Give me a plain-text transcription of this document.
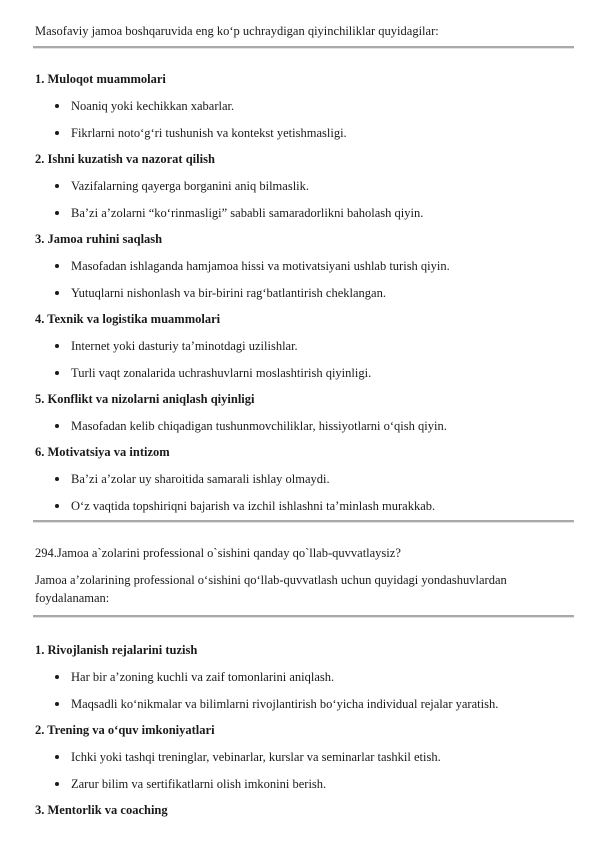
Masofaviy jamoa boshqaruvida eng ko‘p uchraydigan qiyinchiliklar quyidagilar:
1. Muloqot muammolari
Noaniq yoki kechikkan xabarlar.
Fikrlarni noto‘g‘ri tushunish va kontekst yetishmasligi.
2. Ishni kuzatish va nazorat qilish
Vazifalarning qayerga borganini aniq bilmaslik.
Ba’zi a’zolarni “ko‘rinmasligi” sababli samaradorlikni baholash qiyin.
3. Jamoa ruhini saqlash
Masofadan ishlaganda hamjamoa hissi va motivatsiyani ushlab turish qiyin.
Yutuqlarni nishonlash va bir-birini rag‘batlantirish cheklangan.
4. Texnik va logistika muammolari
Internet yoki dasturiy ta’minotdagi uzilishlar.
Turli vaqt zonalarida uchrashuvlarni moslashtirish qiyinligi.
5. Konflikt va nizolarni aniqlash qiyinligi
Masofadan kelib chiqadigan tushunmovchiliklar, hissiyotlarni o‘qish qiyin.
6. Motivatsiya va intizom
Ba’zi a’zolar uy sharoitida samarali ishlay olmaydi.
O‘z vaqtida topshiriqni bajarish va izchil ishlashni ta’minlash murakkab.
294.Jamoa a`zolarini professional o`sishini qanday qo`llab-quvvatlaysiz?
Jamoa a’zolarining professional o‘sishini qo‘llab-quvvatlash uchun quyidagi yondashuvlardan foydalanaman:
1. Rivojlanish rejalarini tuzish
Har bir a’zoning kuchli va zaif tomonlarini aniqlash.
Maqsadli ko‘nikmalar va bilimlarni rivojlantirish bo‘yicha individual rejalar yaratish.
2. Trening va o‘quv imkoniyatlari
Ichki yoki tashqi treninglar, vebinarlar, kurslar va seminarlar tashkil etish.
Zarur bilim va sertifikatlarni olish imkonini berish.
3. Mentorlik va coaching
